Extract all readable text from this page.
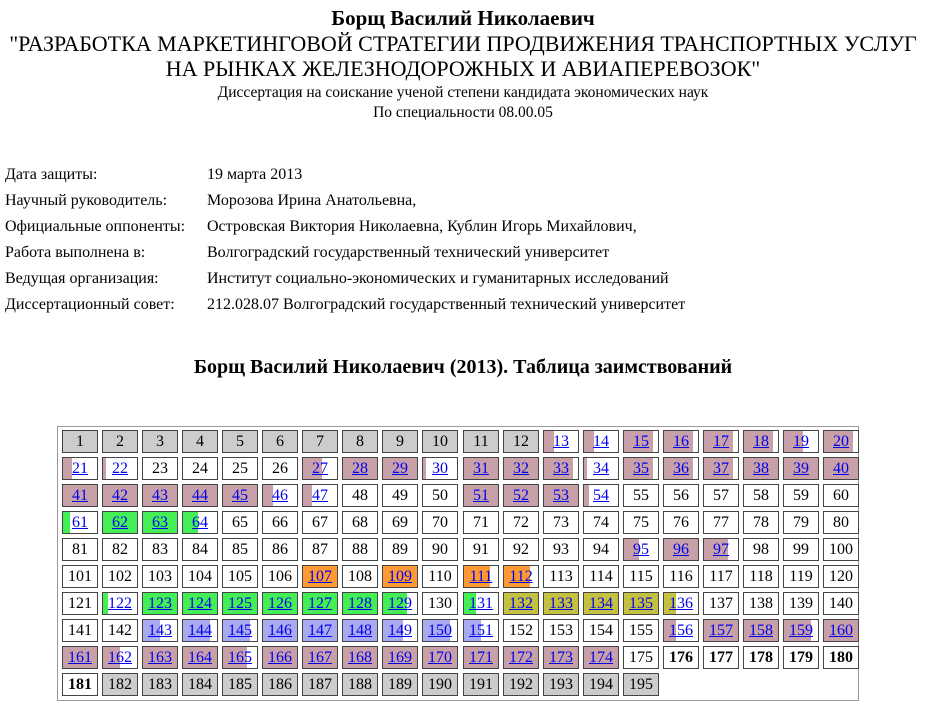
Борщ Василий Николаевич
"РАЗРАБОТКА МАРКЕТИНГОВОЙ СТРАТЕГИИ ПРОДВИЖЕНИЯ ТРАНСПОРТНЫХ УСЛУГ
НА РЫНКАХ ЖЕЛЕЗНОДОРОЖНЫХ И АВИАПЕРЕВОЗОК"
Диссертация на соискание ученой степени кандидата экономических наук
По специальности 08.00.05
Дата защиты:	19 марта 2013
Научный руководитель: Морозова Ирина Анатольевна,
Официальные оппоненты: Островская Виктория Николаевна, Кублин Игорь Михайлович,
Работа выполнена в:	Волгоградский государственный технический университет
Ведущая организация:	Институт социально-экономических и гуманитарных исследований
Диссертационный совет: 212.028.07 Волгоградский государственный технический университет
Борщ Василий Николаевич (2013). Таблица заимствований
1	2	3	4	5	6	7	8	9	10	11	12	13	14	15	16	17	18	19	20
21	22	23	24	25	26	27	28	29	30	31	32	33	34	35	36	37	38	39	40
41	42	43	44	45	46	47	48	49	50	51	52	53	54	55	56	57	58	59	60
61	62	63	64	65	66	67	68	69	70	71	72	73	74	75	76	77	78	79	80
81	82	83	84	85	86	87	88	89	90	91	92	93	94	95	96	97	98	99	100
101	102	103	104	105	106	107	108	109	110	111	112	113	114	115	116	117	118	119	120
121	122	123	124	125	126	127	128	129	130	131	132	133	134	135	136	137	138	139	140
141	142	143	144	145	146	147	148	149	150	151	152	153	154	155	156	157	158	159	160
161	162	163	164	165	166	167	168	169	170	171	172	173	174	175	176	177	178	179	180
181	182	183	184	185	186	187	188	189	190	191	192	193	194	195
